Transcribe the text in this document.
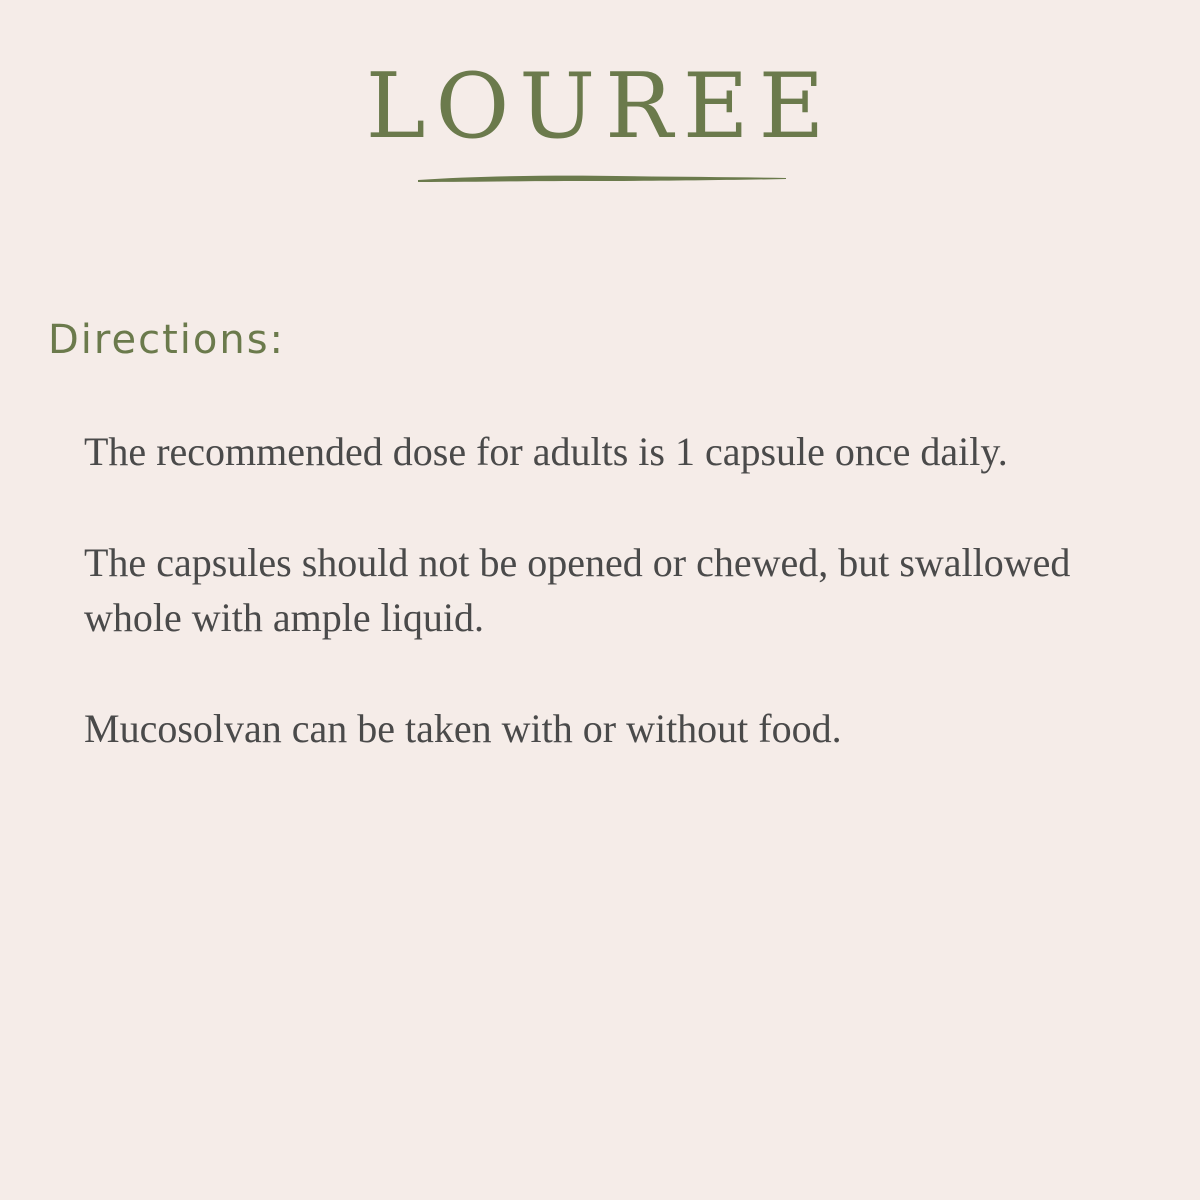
LOUREE
Directions:

The recommended dose for adults is 1 capsule once daily.

The capsules should not be opened or chewed, but swallowed whole with ample liquid.

Mucosolvan can be taken with or without food.
